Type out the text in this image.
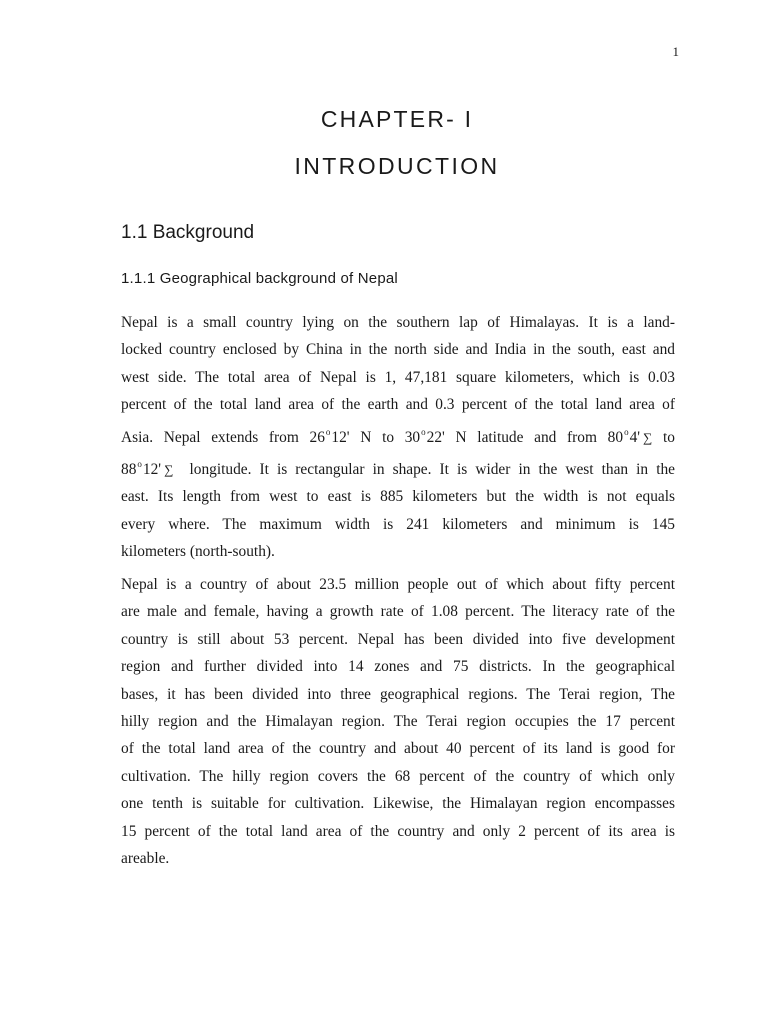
1
CHAPTER- I
INTRODUCTION
1.1 Background
1.1.1 Geographical background of Nepal
Nepal is a small country lying on the southern lap of Himalayas. It is a land-
locked country enclosed by China in the north side and India in the south, east and
west side. The total area of Nepal is 1, 47,181 square kilometers, which is 0.03
percent of the total land area of the earth and 0.3 percent of the total land area of
Asia. Nepal extends from 26$^o$12' N to 30$^o$22' N latitude and from 80$^o$4' ∑ to
88$^o$12' ∑ longitude. It is rectangular in shape. It is wider in the west than in the
east. Its length from west to east is 885 kilometers but the width is not equals
every where. The maximum width is 241 kilometers and minimum is 145
kilometers (north-south).
Nepal is a country of about 23.5 million people out of which about fifty percent
are male and female, having a growth rate of 1.08 percent. The literacy rate of the
country is still about 53 percent. Nepal has been divided into five development
region and further divided into 14 zones and 75 districts. In the geographical
bases, it has been divided into three geographical regions. The Terai region, The
hilly region and the Himalayan region. The Terai region occupies the 17 percent
of the total land area of the country and about 40 percent of its land is good for
cultivation. The hilly region covers the 68 percent of the country of which only
one tenth is suitable for cultivation. Likewise, the Himalayan region encompasses
15 percent of the total land area of the country and only 2 percent of its area is
areable.
